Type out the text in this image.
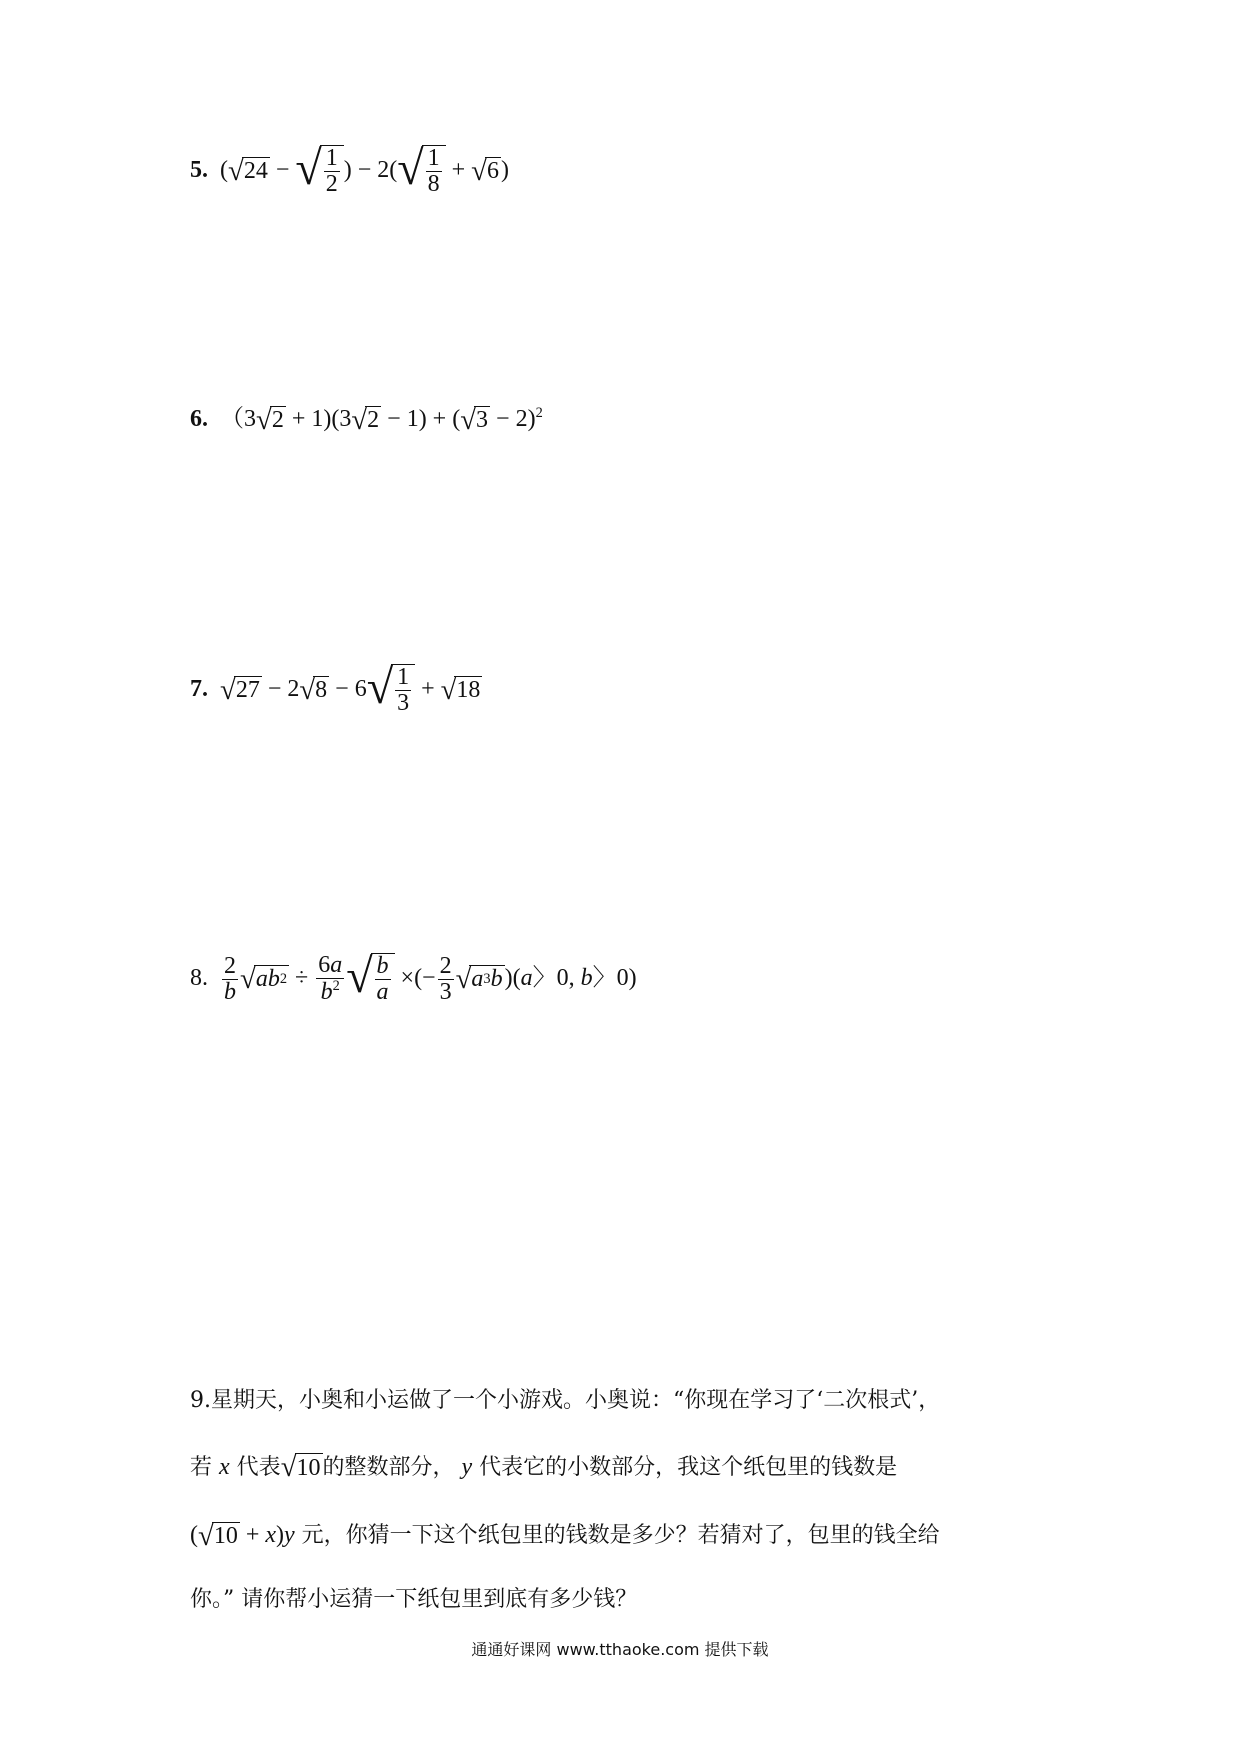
5. ( √ 24 − √ $\frac{1}{2}$ ) − 2( √ $\frac{1}{8}$ + √ 6 )
6. （3 √ 2 + 1)(3 √ 2 − 1) + ( √ 3 − 2)$^2$
7. √ 27 − 2 √ 8 − 6 √ $\frac{1}{3}$ + √ 18
8. $\frac{2}{b}$ √ ab $2 \div \frac{6a}{b^2}$ √ $\frac{b}{a}$ ×(− $\frac{2}{3}$ √ a 3 b )(a〉0, b〉0)

9.星期天，小奥和小运做了一个小游戏。小奥说：“你现在学习了‘二次根式’，

若 x 代表 √ 10 的整数部分， y 代表它的小数部分，我这个纸包里的钱数是

( √ 10 + x)y 元，你猜一下这个纸包里的钱数是多少？若猜对了，包里的钱全给

你。” 请你帮小运猜一下纸包里到底有多少钱？

通通好课网 www.tthaoke.com 提供下载
